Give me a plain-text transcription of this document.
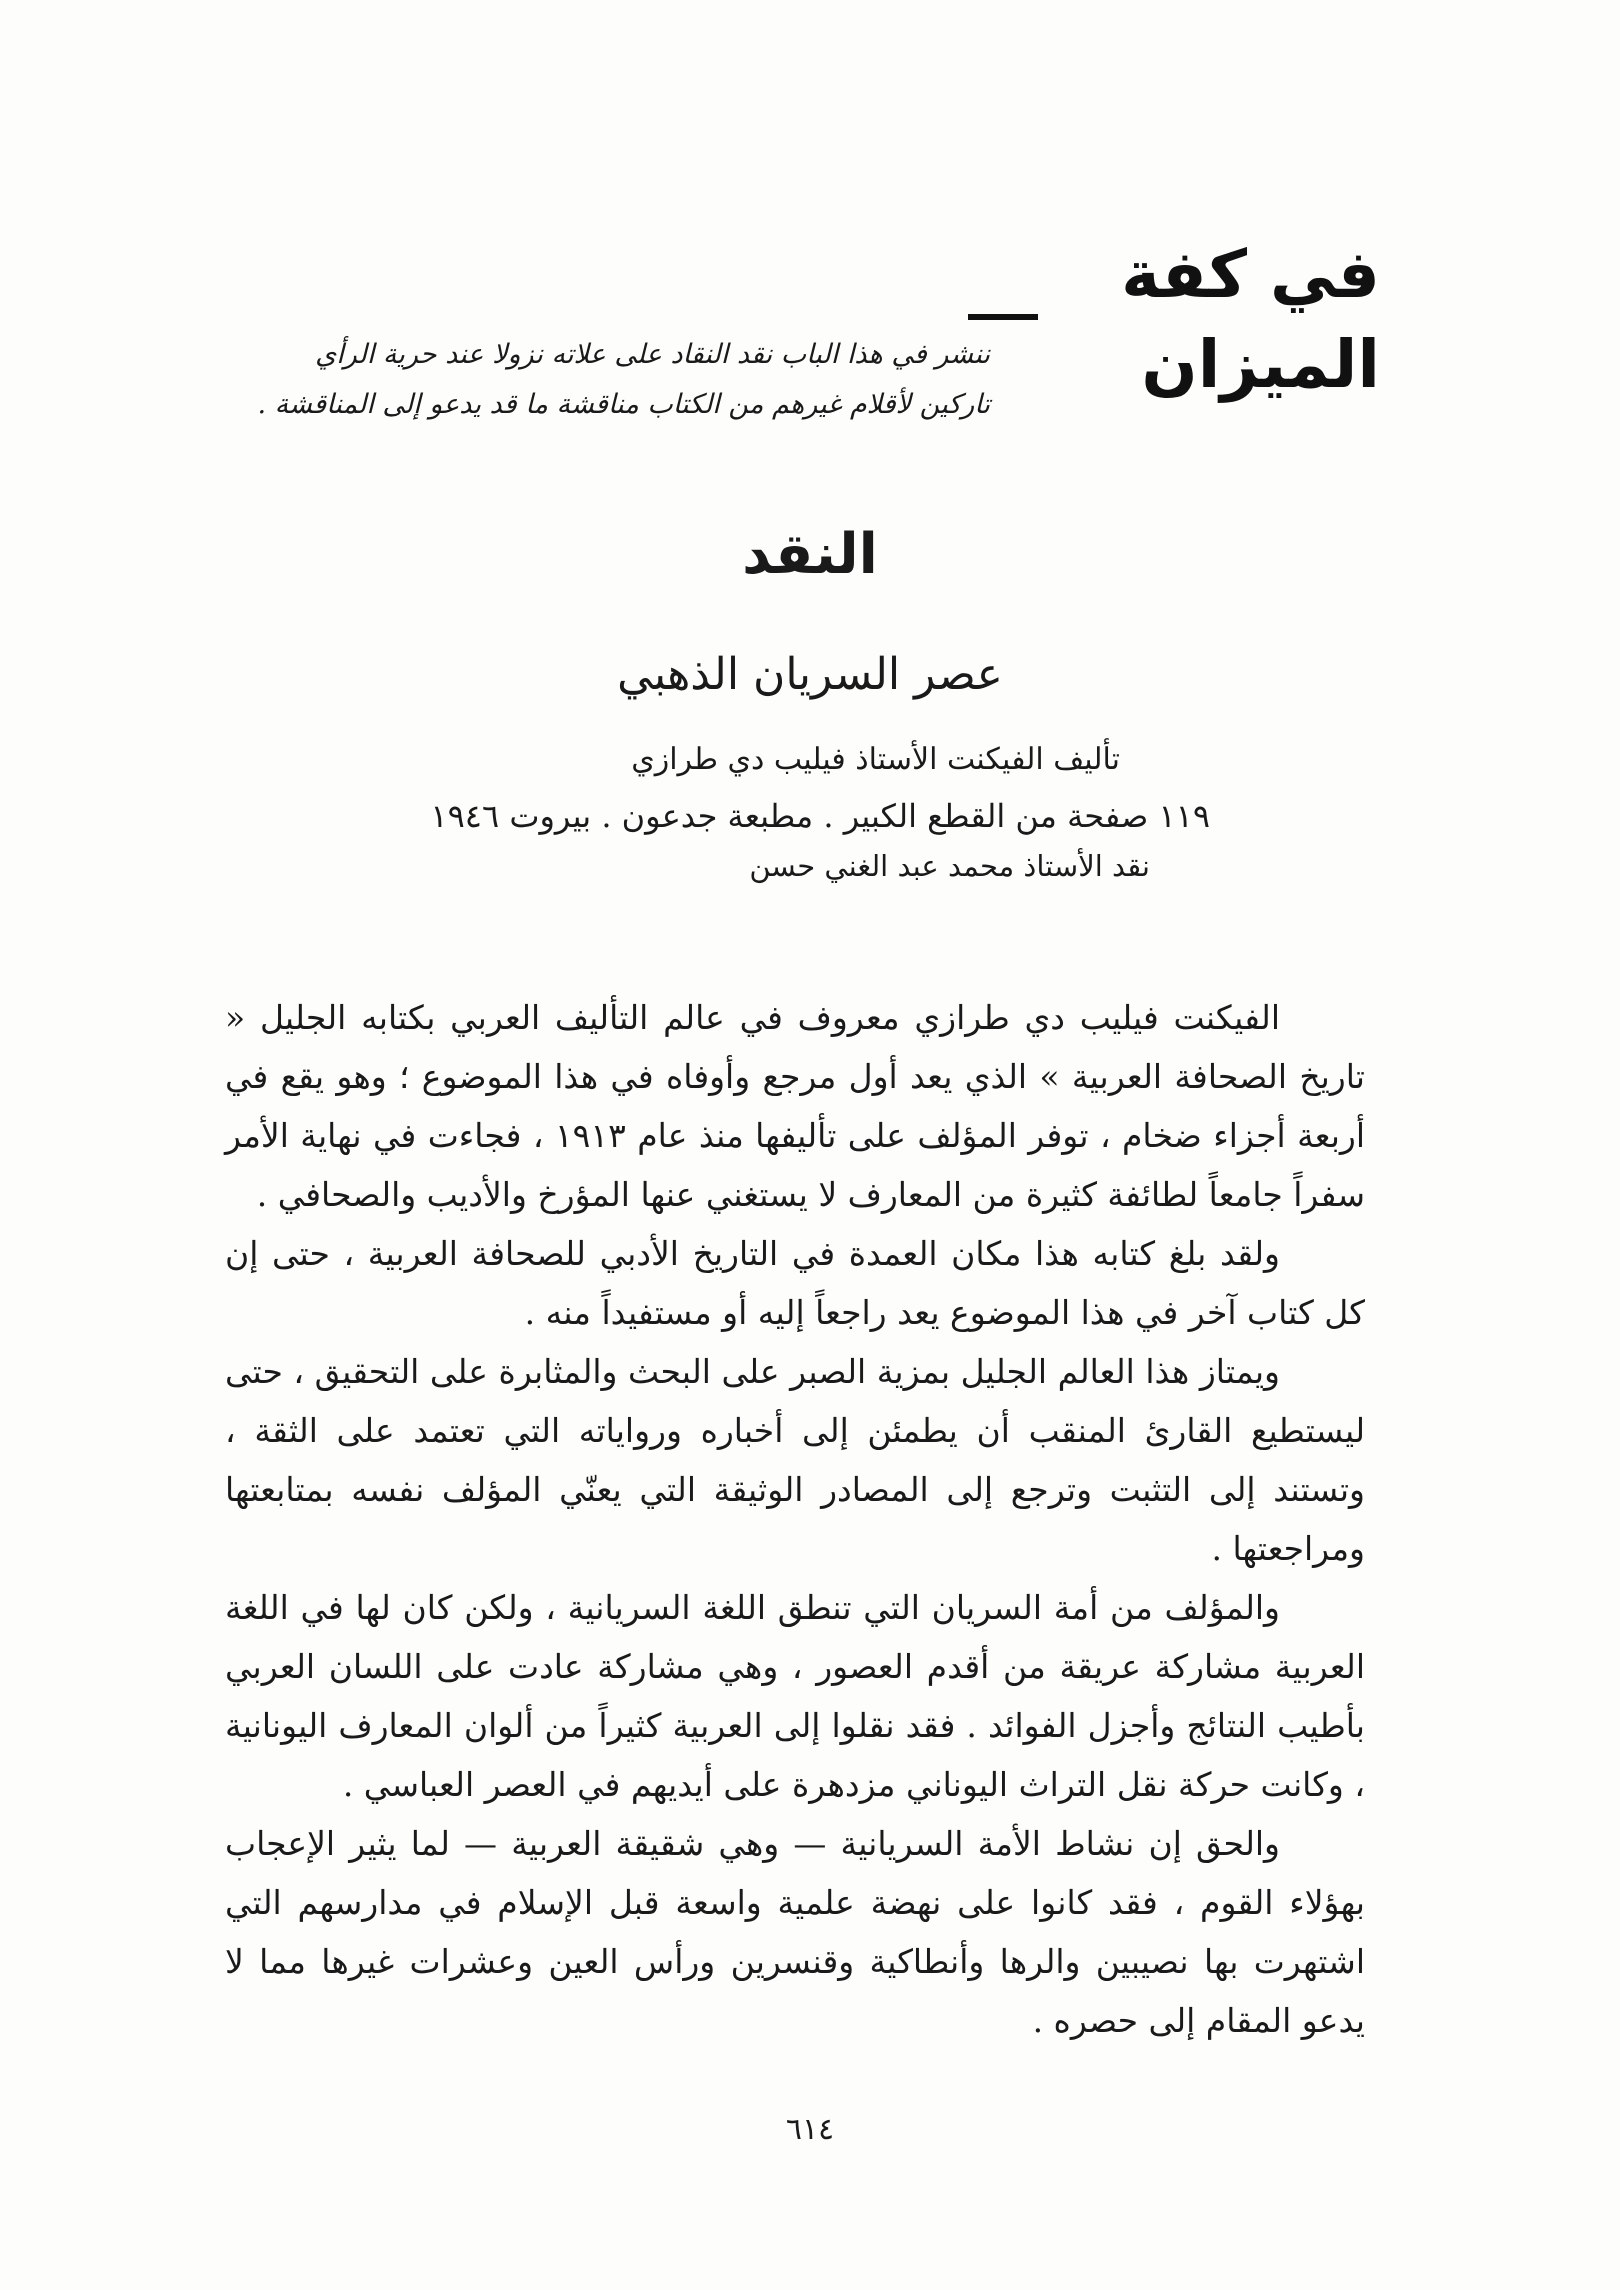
في كفة الميزان

ننشر في هذا الباب نقد النقاد على علاته نزولا عند حرية الرأي

تاركين لأقلام غيرهم من الكتاب مناقشة ما قد يدعو إلى المناقشة .

النقد
عصر السريان الذهبي

تأليف الفيكنت الأستاذ فيليب دي طرازي

١١٩ صفحة من القطع الكبير . مطبعة جدعون . بيروت ١٩٤٦

نقد الأستاذ محمد عبد الغني حسن

الفيكنت فيليب دي طرازي معروف في عالم التأليف العربي بكتابه الجليل « تاريخ الصحافة العربية » الذي يعد أول مرجع وأوفاه في هذا الموضوع ؛ وهو يقع في أربعة أجزاء ضخام ، توفر المؤلف على تأليفها منذ عام ١٩١٣ ، فجاءت في نهاية الأمر سفراً جامعاً لطائفة كثيرة من المعارف لا يستغني عنها المؤرخ والأديب والصحافي .

ولقد بلغ كتابه هذا مكان العمدة في التاريخ الأدبي للصحافة العربية ، حتى إن كل كتاب آخر في هذا الموضوع يعد راجعاً إليه أو مستفيداً منه .

ويمتاز هذا العالم الجليل بمزية الصبر على البحث والمثابرة على التحقيق ، حتى ليستطيع القارئ المنقب أن يطمئن إلى أخباره ورواياته التي تعتمد على الثقة ، وتستند إلى التثبت وترجع إلى المصادر الوثيقة التي يعنّي المؤلف نفسه بمتابعتها ومراجعتها .

والمؤلف من أمة السريان التي تنطق اللغة السريانية ، ولكن كان لها في اللغة العربية مشاركة عريقة من أقدم العصور ، وهي مشاركة عادت على اللسان العربي بأطيب النتائج وأجزل الفوائد . فقد نقلوا إلى العربية كثيراً من ألوان المعارف اليونانية ، وكانت حركة نقل التراث اليوناني مزدهرة على أيديهم في العصر العباسي .

والحق إن نشاط الأمة السريانية — وهي شقيقة العربية — لما يثير الإعجاب بهؤلاء القوم ، فقد كانوا على نهضة علمية واسعة قبل الإسلام في مدارسهم التي اشتهرت بها نصيبين والرها وأنطاكية وقنسرين ورأس العين وعشرات غيرها مما لا يدعو المقام إلى حصره .

٦١٤
